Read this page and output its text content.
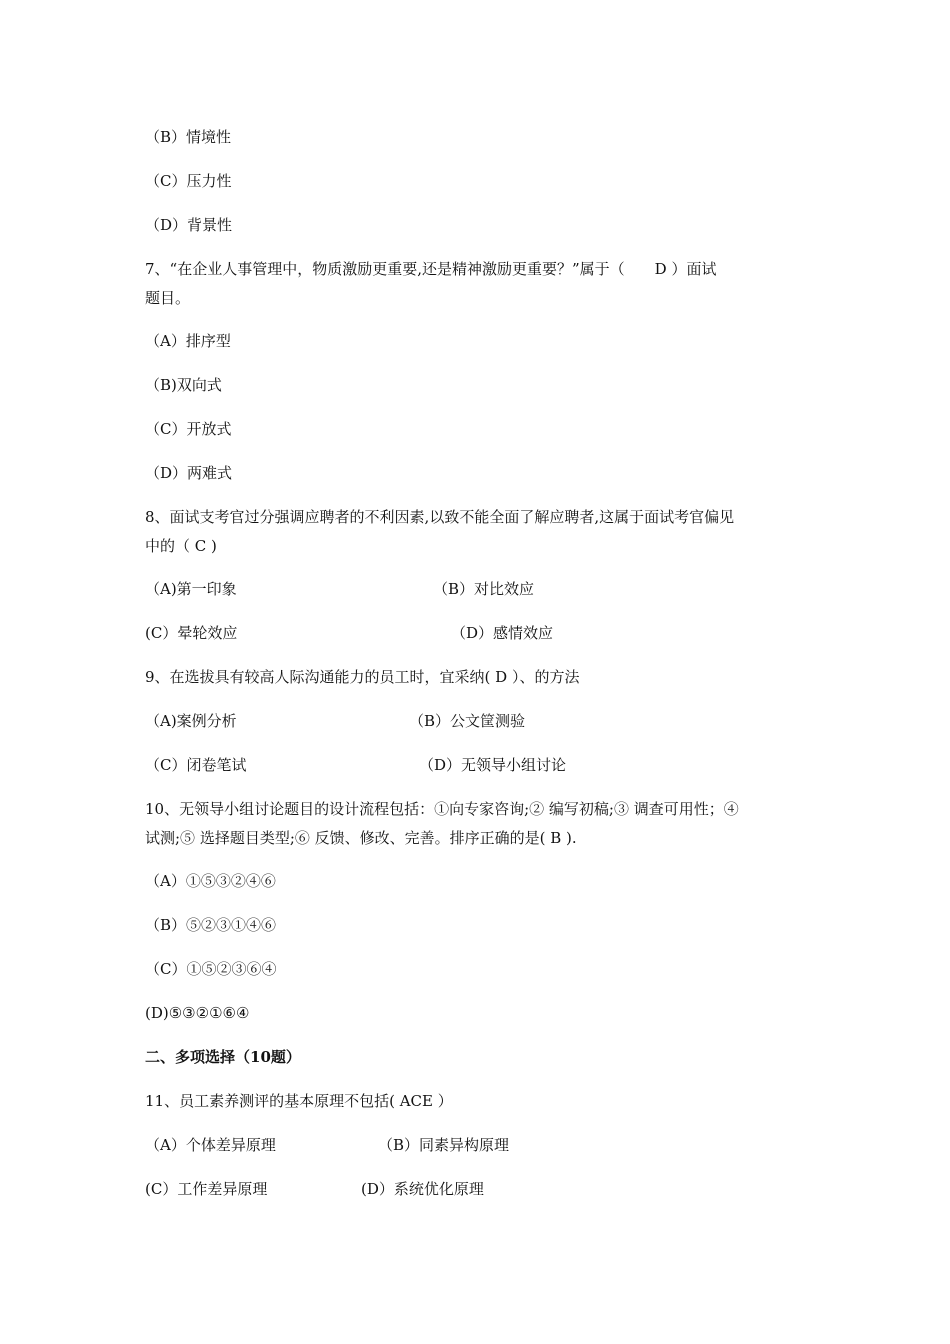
（B）情境性
（C）压力性
（D）背景性
7、“在企业人事管理中，物质激励更重要,还是精神激励更重要？”属于（　　D ）面试
题目。
（A）排序型
（B)双向式
（C）开放式
（D）两难式
8、面试支考官过分强调应聘者的不利因素,以致不能全面了解应聘者,这属于面试考官偏见
中的（ C )
（A)第一印象	（B）对比效应
(C）晕轮效应	（D）感情效应
9、在选拔具有较高人际沟通能力的员工时，宜采纳( D ）、的方法
（A)案例分析	（B）公文筐测验
（C）闭卷笔试	（D）无领导小组讨论
10、无领导小组讨论题目的设计流程包括：①向专家咨询;② 编写初稿;③ 调查可用性；④
试测;⑤ 选择题目类型;⑥ 反馈、修改、完善。排序正确的是( B ).
（A）①⑤③②④⑥
（B）⑤②③①④⑥
（C）①⑤②③⑥④
(D)⑤③②①⑥④
二、多项选择（10题）
11、员工素养测评的基本原理不包括( ACE ）
（A）个体差异原理	（B）同素异构原理
(C）工作差异原理	(D）系统优化原理
